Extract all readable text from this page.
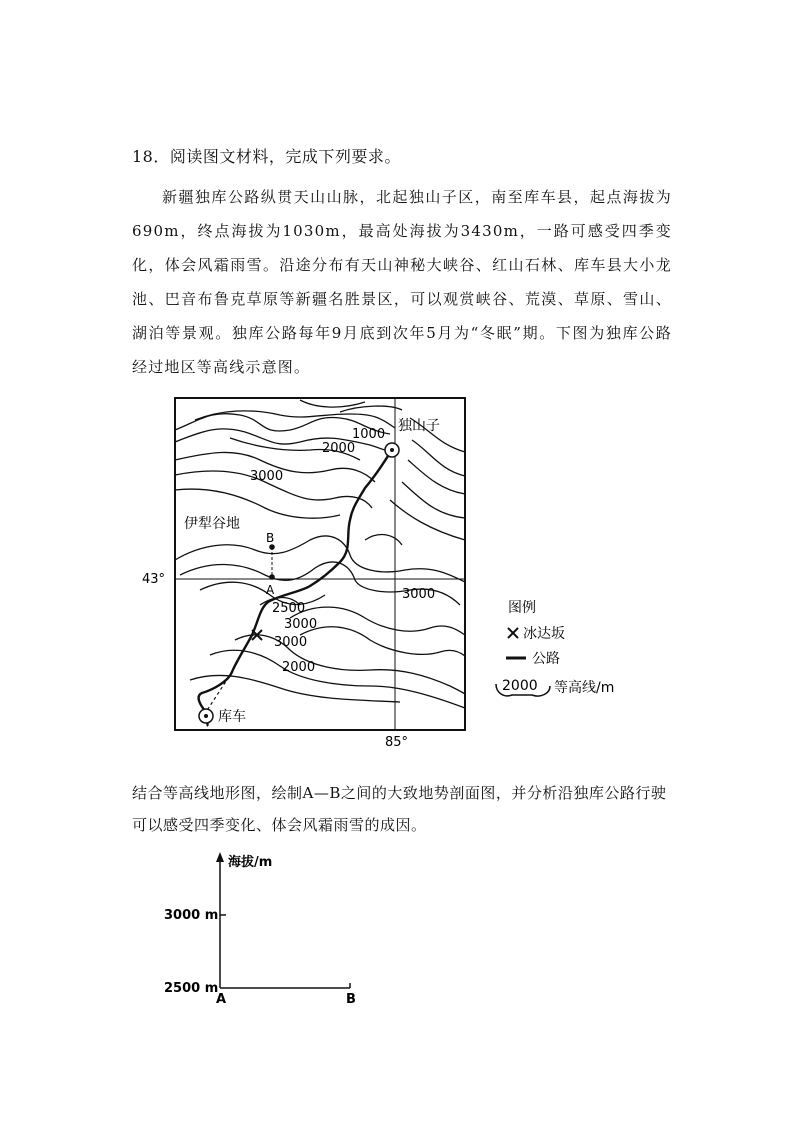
18．阅读图文材料，完成下列要求。
新疆独库公路纵贯天山山脉，北起独山子区，南至库车县，起点海拔为690m，终点海拔为1030m，最高处海拔为3430m，一路可感受四季变化，体会风霜雨雪。沿途分布有天山神秘大峡谷、红山石林、库车县大小龙池、巴音布鲁克草原等新疆名胜景区，可以观赏峡谷、荒漠、草原、雪山、湖泊等景观。独库公路每年9月底到次年5月为“冬眠”期。下图为独库公路经过地区等高线示意图。
1000
2000
3000
独山子
伊犁谷地
B
A	3000
2500
3000
3000
2000
库车
43°
85°
图例
冰达坂
公路
2000 等高线/m
结合等高线地形图，绘制A—B之间的大致地势剖面图，并分析沿独库公路行驶可以感受四季变化、体会风霜雨雪的成因。
海拔/m
3000 m
2500 m
A	B
